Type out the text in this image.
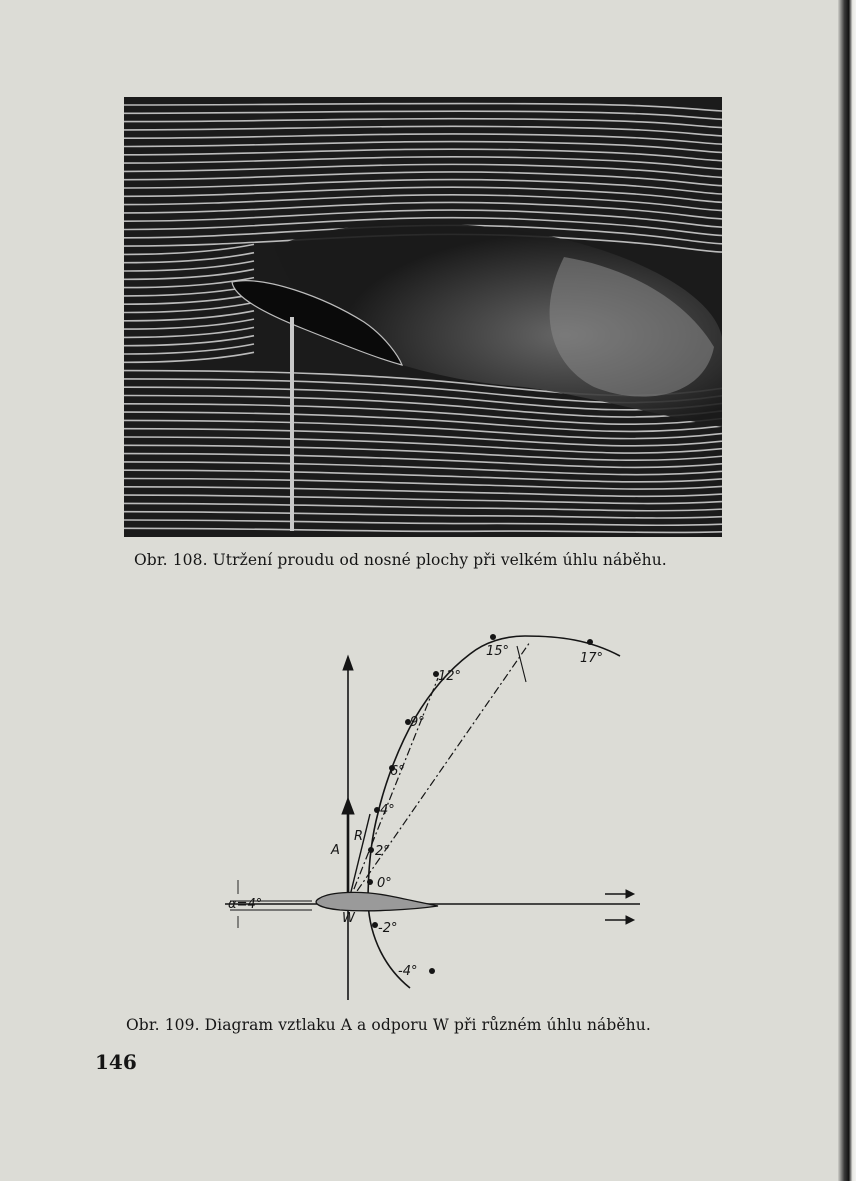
Obr. 108. Utržení proudu od nosné plochy při velkém úhlu náběhu.
α=4°
A
W
R
-4°
-2°
0°
2°
4°
6°
9°
12°
15°	17°
Obr. 109. Diagram vztlaku A a odporu W při různém úhlu náběhu.
146
